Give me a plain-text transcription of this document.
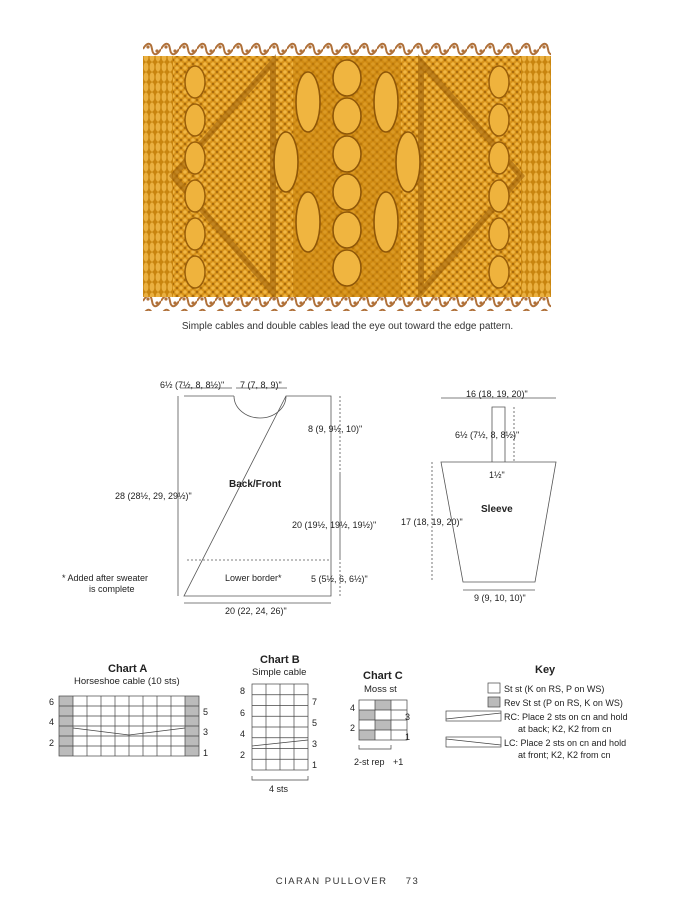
Simple cables and double cables lead the eye out toward the edge pattern.
6½ (7½, 8, 8½)" 7 (7, 8, 9)"
8 (9, 9½, 10)"
Back/Front
28 (28½, 29, 29½)"
20 (19½, 19½, 19½)"
Lower border*	5 (5½, 6, 6½)"
20 (22, 24, 26)"
* Added after sweater
is complete
16 (18, 19, 20)"
6½ (7½, 8, 8½)"
1½"
Sleeve
17 (18, 19, 20)"
9 (9, 10, 10)"
Chart A
Horseshoe cable (10 sts)
6
4
2
5
3
1
Chart B
Simple cable
8
6
4
2
7
5
3
1
4 sts
Chart C
Moss st
4
2
3
1
2-st rep +1
Key
St st (K on RS, P on WS)
Rev St st (P on RS, K on WS)
RC: Place 2 sts on cn and hold
at back; K2, K2 from cn
LC: Place 2 sts on cn and hold
at front; K2, K2 from cn
CIARAN PULLOVER 73
